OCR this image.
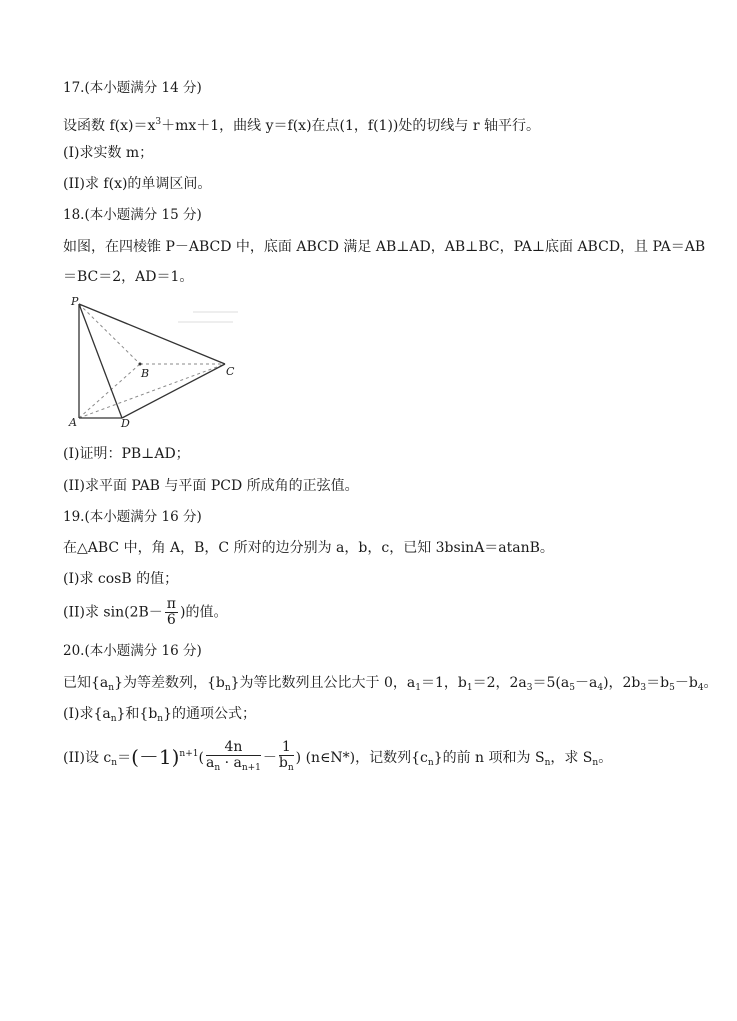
17.(本小题满分 14 分)
设函数 $f(x)=x^3+mx+1$，曲线 y＝f(x)在点(1，f(1))处的切线与 r 轴平行。
(I)求实数 m；
(II)求 f(x)的单调区间。
18.(本小题满分 15 分)
如图，在四棱锥 P－ABCD 中，底面 ABCD 满足 AB⊥AD，AB⊥BC，PA⊥底面 ABCD，且 PA＝AB
＝BC＝2，AD＝1。
P
B	C
A	D
(I)证明：PB⊥AD；
(II)求平面 PAB 与平面 PCD 所成角的正弦值。
19.(本小题满分 16 分)
在△ABC 中，角 A，B，C 所对的边分别为 a，b，c，已知 3bsinA＝atanB。
(I)求 cosB 的值；
(II)求 $\sin(2B- \frac{\pi}{6}$ )的值。
20.(本小题满分 16 分)
已知$\{a_n\}$为等差数列，$\{b_n\}$为等比数列且公比大于 0，$a_1=1$，$b_1=2$，$2a_3=5(a_5-a_4)$，$2b_3=b_5-b_4$。
(I)求$\{a_n\}$和$\{b_n\}$的通项公式；
(II)设 $c_n=(-1)^{n+1}( \frac{4n}{a_n \cdot a_{n+1}} - \frac{1}{b_n}$ ) (n∈N*)，记数列$\{c_n\}$的前 n 项和为 $S_n$，求 $S_n$。
